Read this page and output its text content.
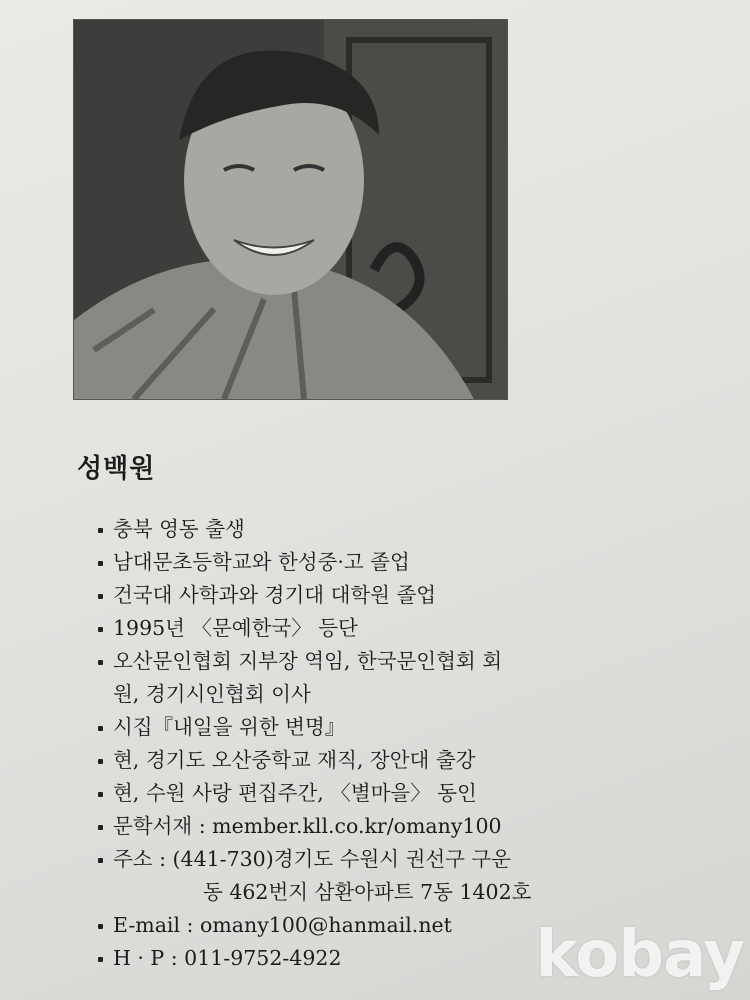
성백원
충북 영동 출생
남대문초등학교와 한성중·고 졸업
건국대 사학과와 경기대 대학원 졸업
1995년 〈문예한국〉 등단
오산문인협회 지부장 역임, 한국문인협회 회
원, 경기시인협회 이사
시집『내일을 위한 변명』
현, 경기도 오산중학교 재직, 장안대 출강
현, 수원 사랑 편집주간, 〈별마을〉 동인
문학서재 : member.kll.co.kr/omany100
주소 : (441-730)경기도 수원시 권선구 구운
동 462번지 삼환아파트 7동 1402호
E-mail : omany100@hanmail.net
H · P : 011-9752-4922	kobay
